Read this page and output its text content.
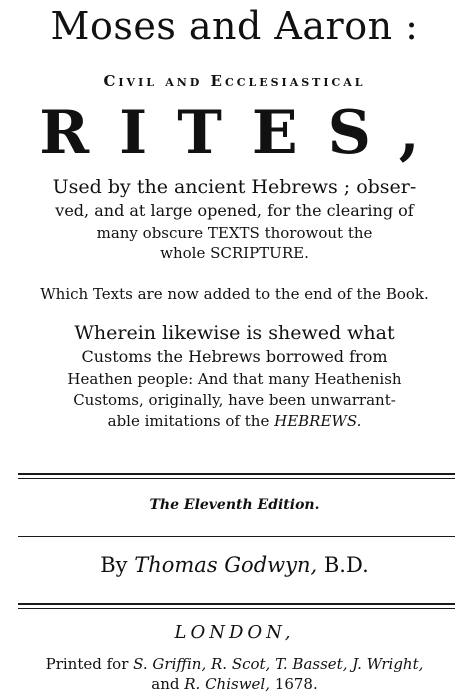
Moses and Aaron :
Civil and Ecclesiastical
RITES,
Used by the ancient Hebrews ; obser-
ved, and at large opened, for the clearing of
many obscure TEXTS thorowout the
whole SCRIPTURE.
Which Texts are now added to the end of the Book.
Wherein likewise is shewed what
Customs the Hebrews borrowed from
Heathen people: And that many Heathenish
Customs, originally, have been unwarrant-
able imitations of the HEBREWS.
The Eleventh Edition.
By Thomas Godwyn, B.D.
LONDON,
Printed for S. Griffin, R. Scot, T. Basset, J. Wright,
and R. Chiswel, 1678.
